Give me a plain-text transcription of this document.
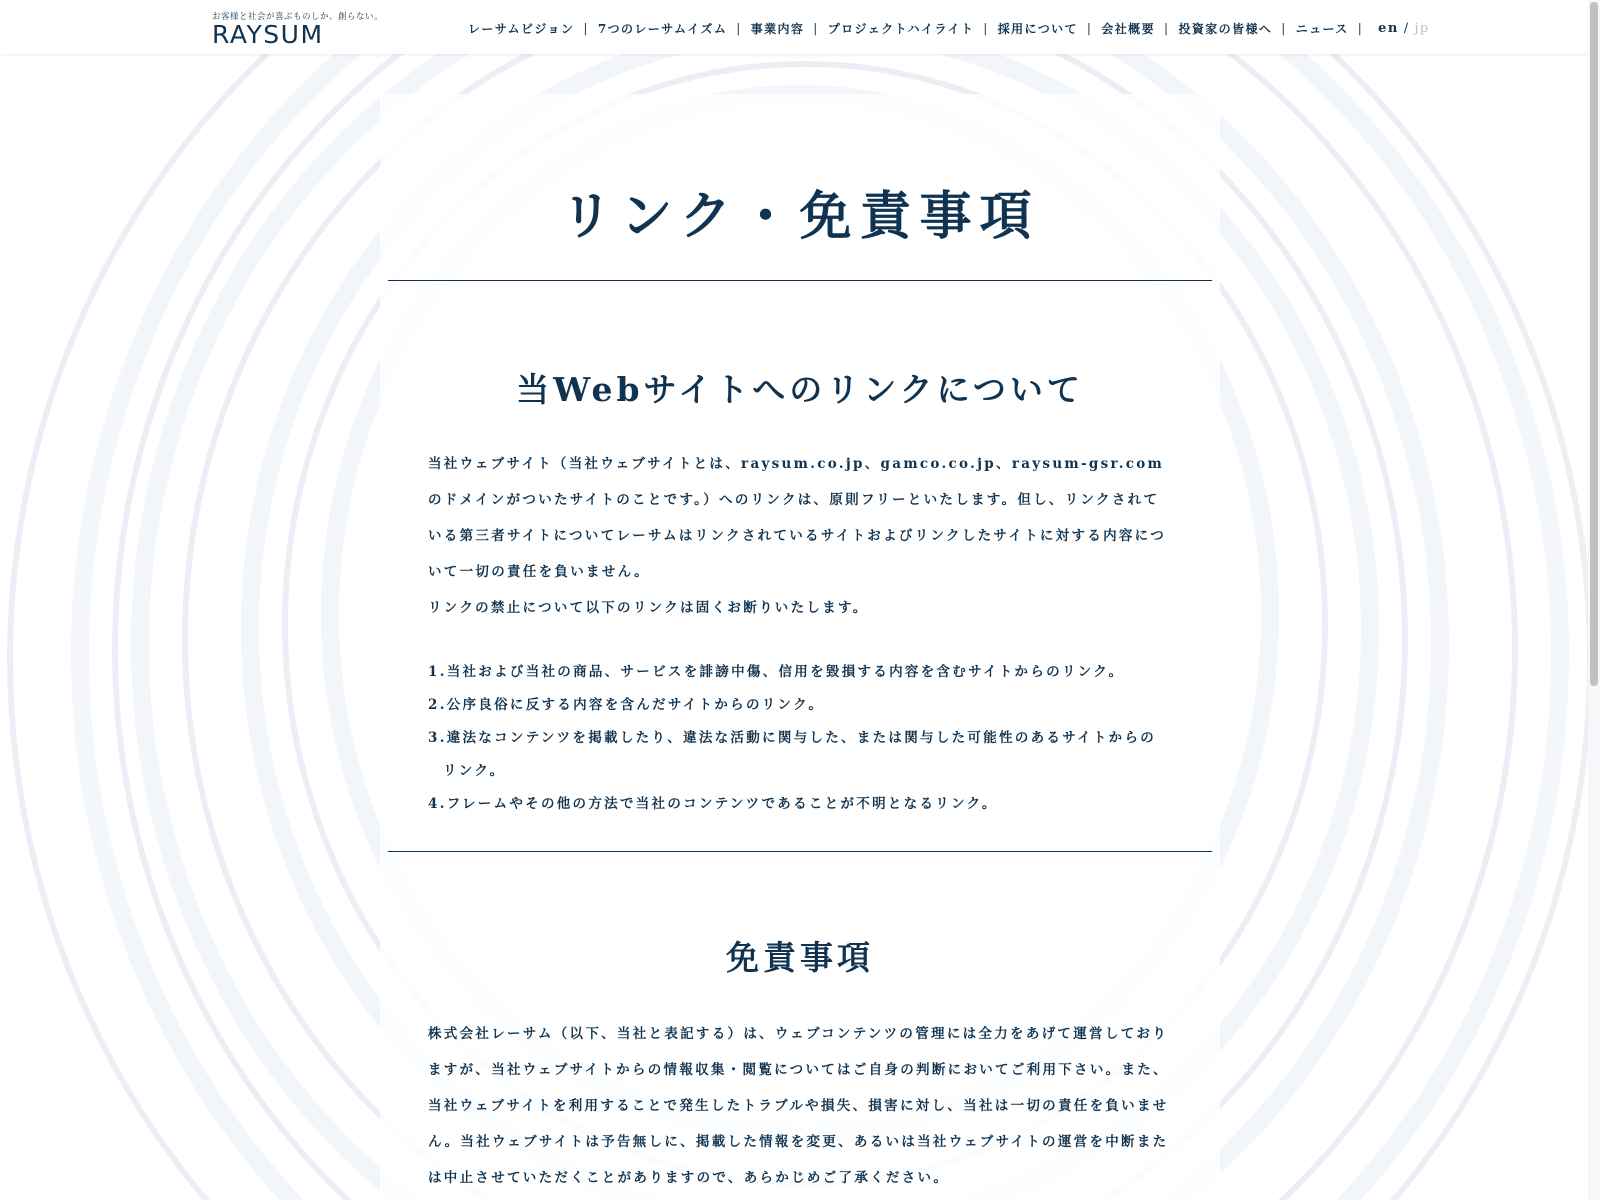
お客様と社会が喜ぶものしか、創らない。
RAYSUM	レーサムビジョン | 7つのレーサムイズム | 事業内容 | プロジェクトハイライト | 採用について | 会社概要 | 投資家の皆様へ | ニュース | en / jp
リンク・免責事項
当Webサイトへのリンクについて

当社ウェブサイト（当社ウェブサイトとは、raysum.co.jp、gamco.co.jp、raysum-gsr.comのドメインがついたサイトのことです。）へのリンクは、原則フリーといたします。但し、リンクされている第三者サイトについてレーサムはリンクされているサイトおよびリンクしたサイトに対する内容について一切の責任を負いません。

リンクの禁止について以下のリンクは固くお断りいたします。

1.当社および当社の商品、サービスを誹謗中傷、信用を毀損する内容を含むサイトからのリンク。
2.公序良俗に反する内容を含んだサイトからのリンク。
3.違法なコンテンツを掲載したり、違法な活動に関与した、または関与した可能性のあるサイトからのリンク。
4.フレームやその他の方法で当社のコンテンツであることが不明となるリンク。
免責事項

株式会社レーサム（以下、当社と表記する）は、ウェブコンテンツの管理には全力をあげて運営しておりますが、当社ウェブサイトからの情報収集・閲覧についてはご自身の判断においてご利用下さい。また、当社ウェブサイトを利用することで発生したトラブルや損失、損害に対し、当社は一切の責任を負いません。当社ウェブサイトは予告無しに、掲載した情報を変更、あるいは当社ウェブサイトの運営を中断または中止させていただくことがありますので、あらかじめご了承ください。
